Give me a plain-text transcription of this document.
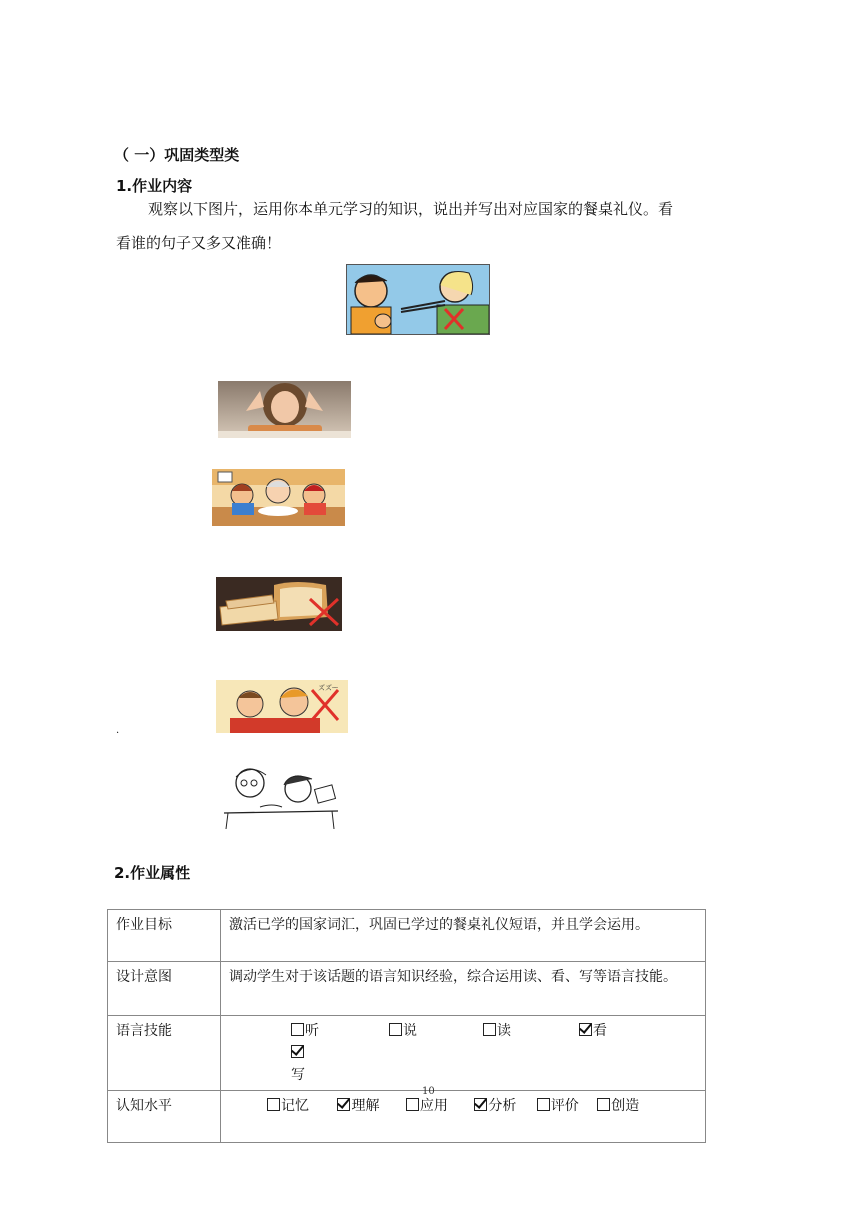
（ 一）巩固类型类
1.作业内容
观察以下图片，运用你本单元学习的知识，说出并写出对应国家的餐桌礼仪。看
看谁的句子又多又准确！
ズズー
.
2.作业属性
作业目标	激活已学的国家词汇，巩固已学过的餐桌礼仪短语，并且学会运用。
设计意图	调动学生对于该话题的语言知识经验，综合运用读、看、写等语言技能。
语言技能	听 说 读 看
写

认知水平	记忆 理解 应用 分析 评价 创造
10
